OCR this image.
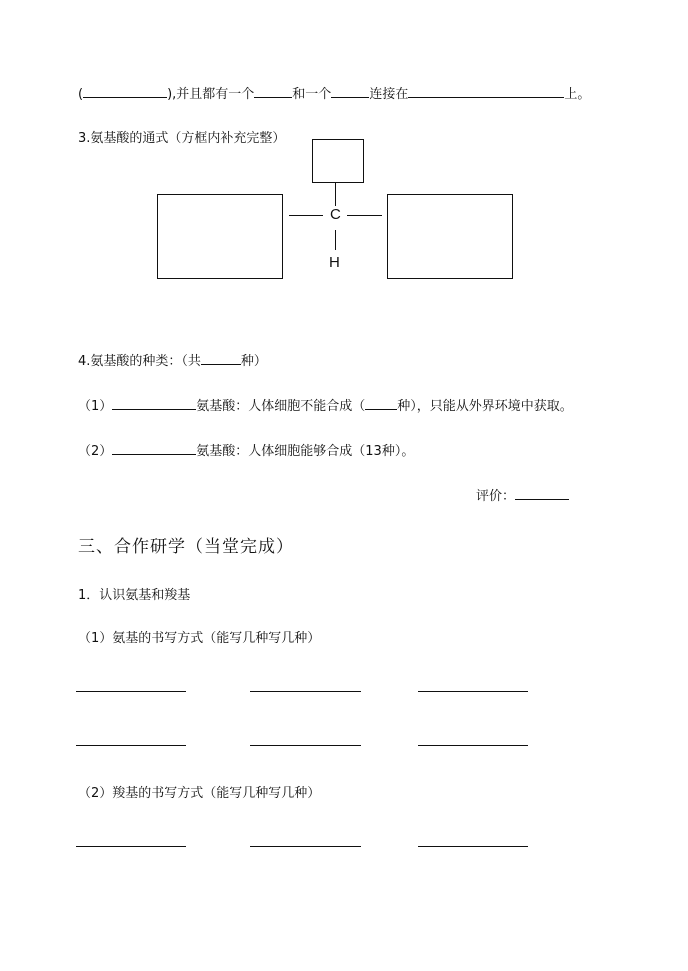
(	),并且都有一个	和一个	连接在	上。
3.氨基酸的通式（方框内补充完整）
C
H
4.氨基酸的种类：（共	种）
（1）	氨基酸：人体细胞不能合成（ 种），只能从外界环境中获取。
（2）	氨基酸：人体细胞能够合成（13种）。
评价：
三、合作研学（当堂完成）
1．认识氨基和羧基
（1）氨基的书写方式（能写几种写几种）
（2）羧基的书写方式（能写几种写几种）
